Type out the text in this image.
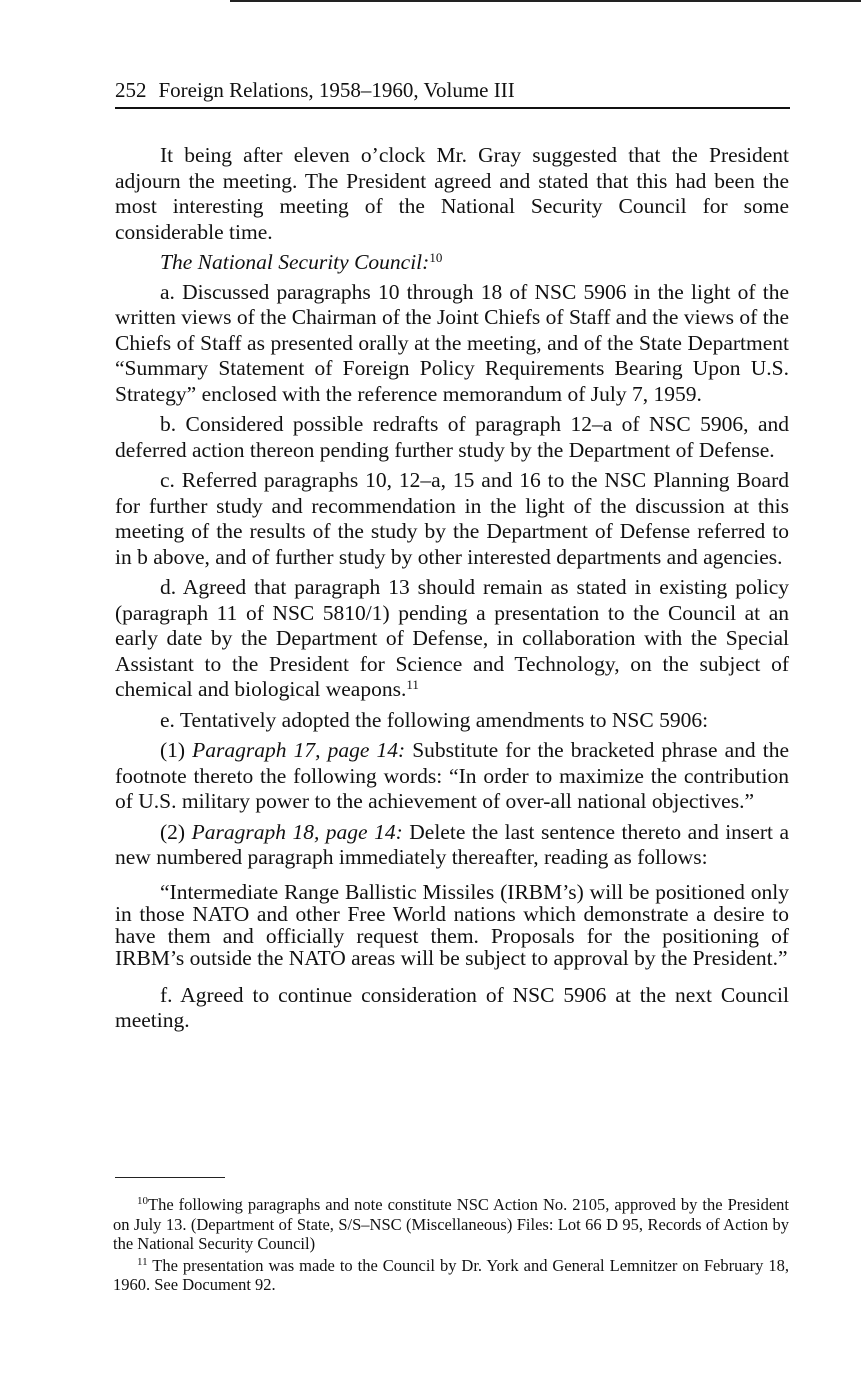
252 Foreign Relations, 1958–1960, Volume III

It being after eleven o’clock Mr. Gray suggested that the President adjourn the meeting. The President agreed and stated that this had been the most interesting meeting of the National Security Council for some considerable time.

The National Security Council:$^{10}$

a. Discussed paragraphs 10 through 18 of NSC 5906 in the light of the written views of the Chairman of the Joint Chiefs of Staff and the views of the Chiefs of Staff as presented orally at the meeting, and of the State Department “Summary Statement of Foreign Policy Requirements Bearing Upon U.S. Strategy” enclosed with the reference memorandum of July 7, 1959.

b. Considered possible redrafts of paragraph 12–a of NSC 5906, and deferred action thereon pending further study by the Department of Defense.

c. Referred paragraphs 10, 12–a, 15 and 16 to the NSC Planning Board for further study and recommendation in the light of the discussion at this meeting of the results of the study by the Department of Defense referred to in b above, and of further study by other interested departments and agencies.

d. Agreed that paragraph 13 should remain as stated in existing policy (paragraph 11 of NSC 5810/1) pending a presentation to the Council at an early date by the Department of Defense, in collaboration with the Special Assistant to the President for Science and Technology, on the subject of chemical and biological weapons.$^{11}$

e. Tentatively adopted the following amendments to NSC 5906:

(1) Paragraph 17, page 14: Substitute for the bracketed phrase and the footnote thereto the following words: “In order to maximize the contribution of U.S. military power to the achievement of over-all national objectives.”

(2) Paragraph 18, page 14: Delete the last sentence thereto and insert a new numbered paragraph immediately thereafter, reading as follows:

“Intermediate Range Ballistic Missiles (IRBM’s) will be positioned only in those NATO and other Free World nations which demonstrate a desire to have them and officially request them. Proposals for the positioning of IRBM’s outside the NATO areas will be subject to approval by the President.”

f. Agreed to continue consideration of NSC 5906 at the next Council meeting.

$^{10}$The following paragraphs and note constitute NSC Action No. 2105, approved by the President on July 13. (Department of State, S/S–NSC (Miscellaneous) Files: Lot 66 D 95, Records of Action by the National Security Council)

$^{11}$ The presentation was made to the Council by Dr. York and General Lemnitzer on February 18, 1960. See Document 92.
